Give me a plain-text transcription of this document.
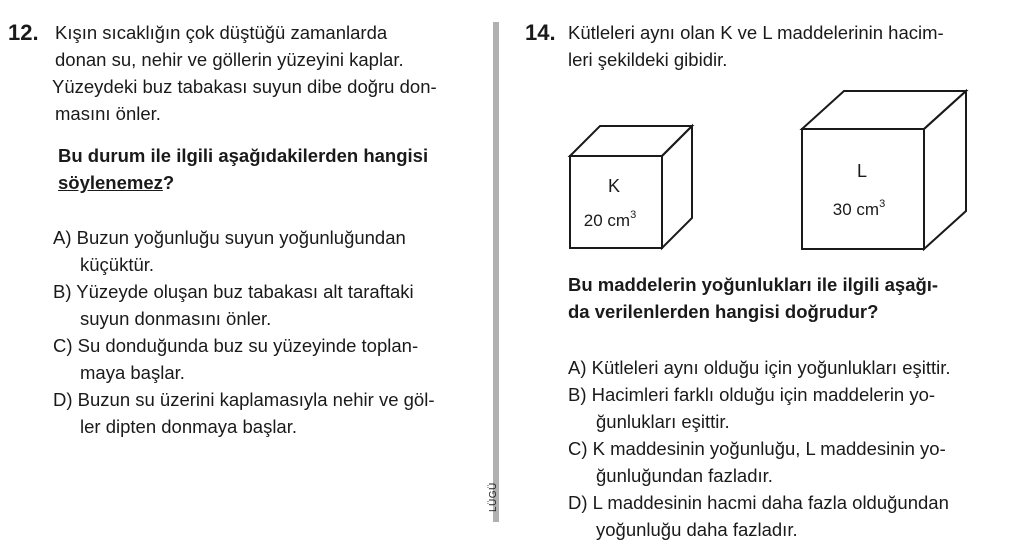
12. Kışın sıcaklığın çok düştüğü zamanlarda
donan su, nehir ve göllerin yüzeyini kaplar.
Yüzeydeki buz tabakası suyun dibe doğru don-
masını önler.
Bu durum ile ilgili aşağıdakilerden hangisi
söylenemez?
A) Buzun yoğunluğu suyun yoğunluğundan
küçüktür.
B) Yüzeyde oluşan buz tabakası alt taraftaki
suyun donmasını önler.
C) Su donduğunda buz su yüzeyinde toplan-
maya başlar.
D) Buzun su üzerini kaplamasıyla nehir ve göl-
ler dipten donmaya başlar.
LÜGÜ
14. Kütleleri aynı olan K ve L maddelerinin hacim-
leri şekildeki gibidir.
K
20 $cm^3$
L
30 $cm^3$
Bu maddelerin yoğunlukları ile ilgili aşağı-
da verilenlerden hangisi doğrudur?
A) Kütleleri aynı olduğu için yoğunlukları eşittir.
B) Hacimleri farklı olduğu için maddelerin yo-
ğunlukları eşittir.
C) K maddesinin yoğunluğu, L maddesinin yo-
ğunluğundan fazladır.
D) L maddesinin hacmi daha fazla olduğundan
yoğunluğu daha fazladır.
